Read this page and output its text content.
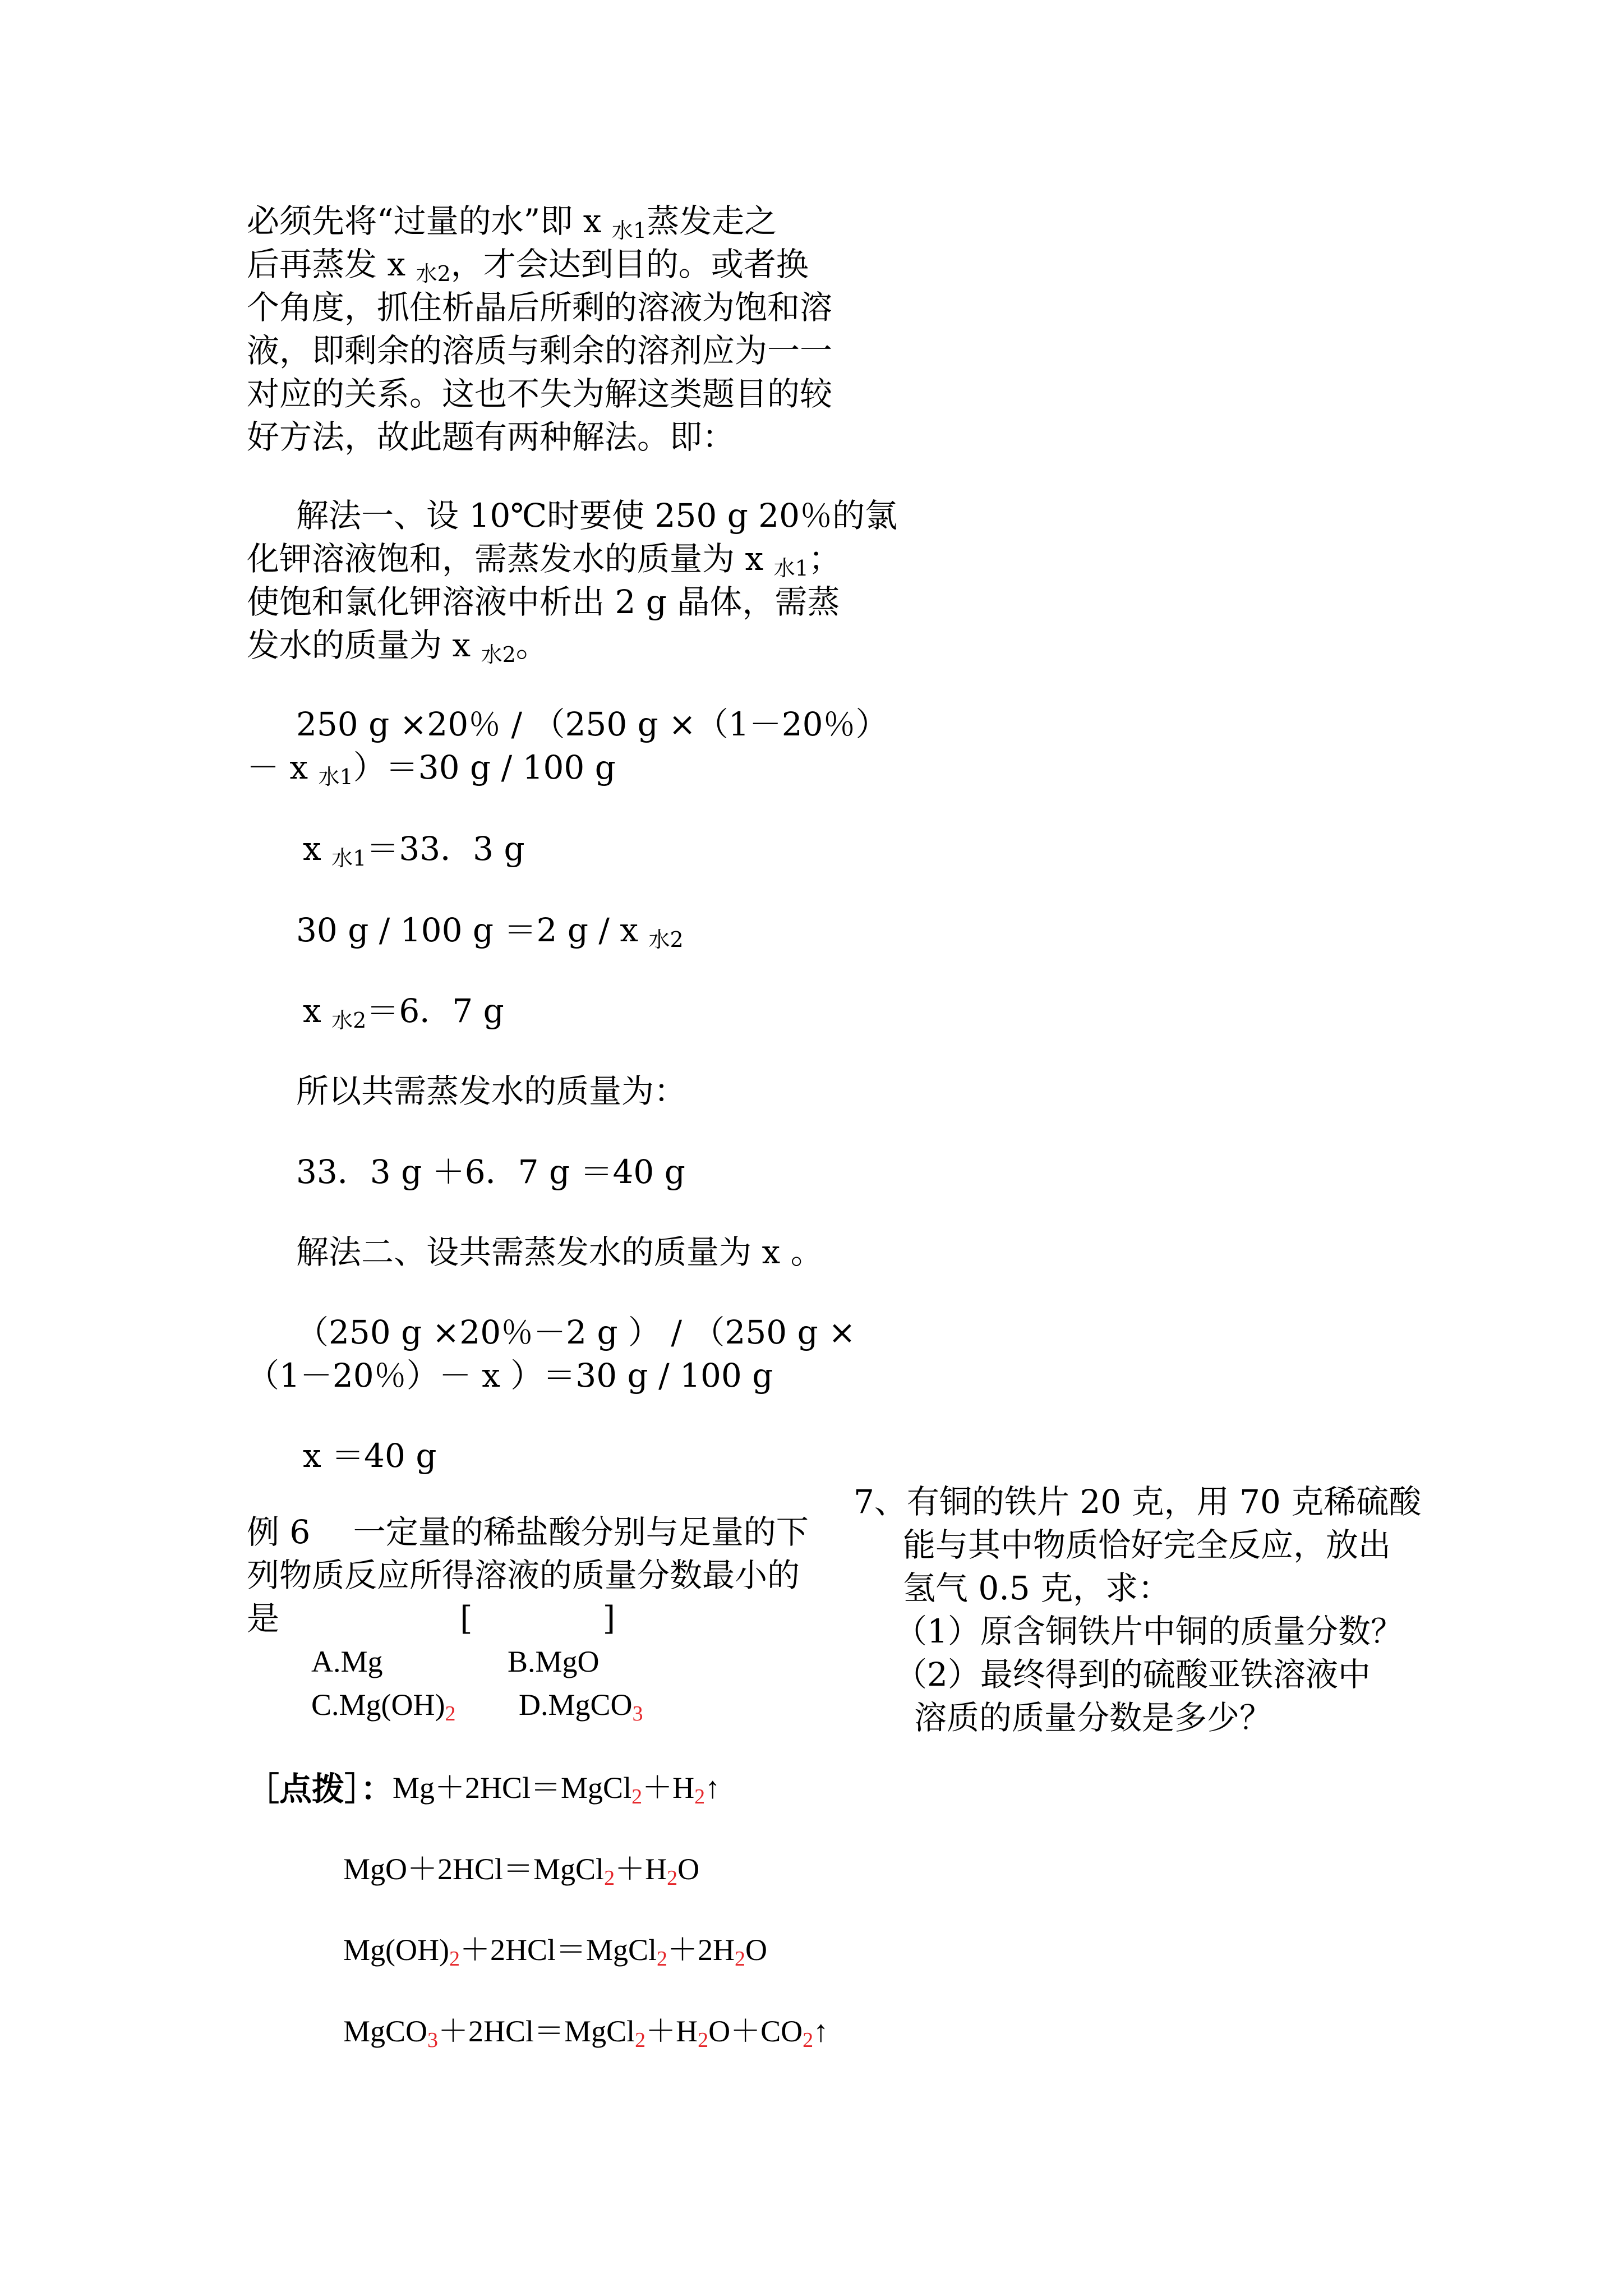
必须先将“过量的水”即 x $_{水1}$蒸发走之
后再蒸发 x $_{水2}$，才会达到目的。或者换
个角度，抓住析晶后所剩的溶液为饱和溶
液，即剩余的溶质与剩余的溶剂应为一一
对应的关系。这也不失为解这类题目的较
好方法，故此题有两种解法。即：
解法一、设 10℃时要使 250 g 20％的氯
化钾溶液饱和，需蒸发水的质量为 x $_{水1}$；
使饱和氯化钾溶液中析出 2 g 晶体，需蒸
发水的质量为 x $_{水2}$。
250 g ×20％ / （250 g ×（1－20％）
－ x $_{水1}$）＝30 g / 100 g
x $_{水1}$＝33．3 g
30 g / 100 g ＝2 g / x $_{水2}$
x $_{水2}$＝6．7 g
所以共需蒸发水的质量为：
33．3 g ＋6．7 g ＝40 g
解法二、设共需蒸发水的质量为 x 。
（250 g ×20％－2 g ） / （250 g ×
（1－20％）－ x ）＝30 g / 100 g
x ＝40 g
例 6　 一定量的稀盐酸分别与足量的下
列物质反应所得溶液的质量分数最小的
是	[　　　　]
A.Mg	B.MgO
$C.Mg(OH)_2$ D.MgCO$_3$
［点拨］：
$Mg+2HCl=MgCl_2+H_2↑$
$MgO+2HCl=MgCl_2+H_2O$
$Mg(OH)_2+2HCl=MgCl_2+2H_2O$
$MgCO_3+2HCl=MgCl_2+H_2O+CO_2↑$
7、有铜的铁片 20 克，用 70 克稀硫酸
能与其中物质恰好完全反应，放出
氢气 0.5 克，求：
（1）原含铜铁片中铜的质量分数？
（2）最终得到的硫酸亚铁溶液中
溶质的质量分数是多少？
